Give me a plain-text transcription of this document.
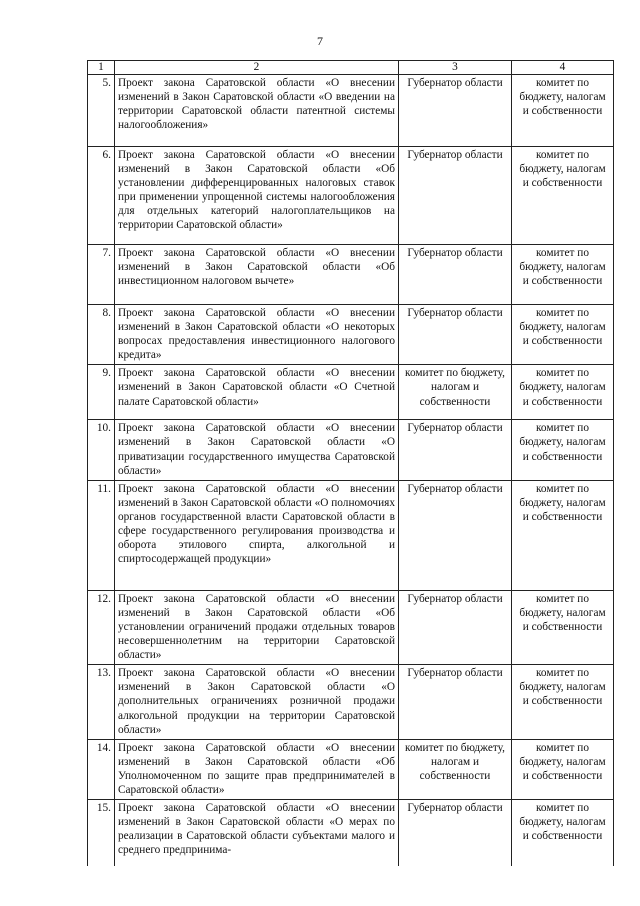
7
1	2	3	4
5.	Проект закона Саратовской области «О внесении изменений в Закон Саратовской области «О введении на территории Саратовской области патентной системы налогообложения»	Губернатор области	комитет по бюджету, налогам и собственности
6.	Проект закона Саратовской области «О внесении изменений в Закон Саратовской области «Об установлении дифференцированных налоговых ставок при применении упрощенной системы налогообложения для отдельных категорий налогоплательщиков на территории Саратовской области»	Губернатор области	комитет по бюджету, налогам и собственности
7.	Проект закона Саратовской области «О внесении изменений в Закон Саратовской области «Об инвестиционном налоговом вычете»	Губернатор области	комитет по бюджету, налогам и собственности
8.	Проект закона Саратовской области «О внесении изменений в Закон Саратовской области «О некоторых вопросах предоставления инвестиционного налогового кредита»	Губернатор области	комитет по бюджету, налогам и собственности
9.	Проект закона Саратовской области «О внесении изменений в Закон Саратовской области «О Счетной палате Саратовской области»	комитет по бюджету, налогам и собственности	комитет по бюджету, налогам и собственности
10.	Проект закона Саратовской области «О внесении изменений в Закон Саратовской области «О приватизации государственного имущества Саратовской области»	Губернатор области	комитет по бюджету, налогам и собственности
11.	Проект закона Саратовской области «О внесении изменений в Закон Саратовской области «О полномочиях органов государственной власти Саратовской области в сфере государственного регулирования производства и оборота этилового спирта, алкогольной и спиртосодержащей продукции»	Губернатор области	комитет по бюджету, налогам и собственности
12.	Проект закона Саратовской области «О внесении изменений в Закон Саратовской области «Об установлении ограничений продажи отдельных товаров несовершеннолетним на территории Саратовской области»	Губернатор области	комитет по бюджету, налогам и собственности
13.	Проект закона Саратовской области «О внесении изменений в Закон Саратовской области «О дополнительных ограничениях розничной продажи алкогольной продукции на территории Саратовской области»	Губернатор области	комитет по бюджету, налогам и собственности
14.	Проект закона Саратовской области «О внесении изменений в Закон Саратовской области «Об Уполномоченном по защите прав предпринимателей в Саратовской области»	комитет по бюджету, налогам и собственности	комитет по бюджету, налогам и собственности
15.	Проект закона Саратовской области «О внесении изменений в Закон Саратовской области «О мерах по реализации в Саратовской области субъектами малого и среднего предпринима-	Губернатор области	комитет по бюджету, налогам и собственности
